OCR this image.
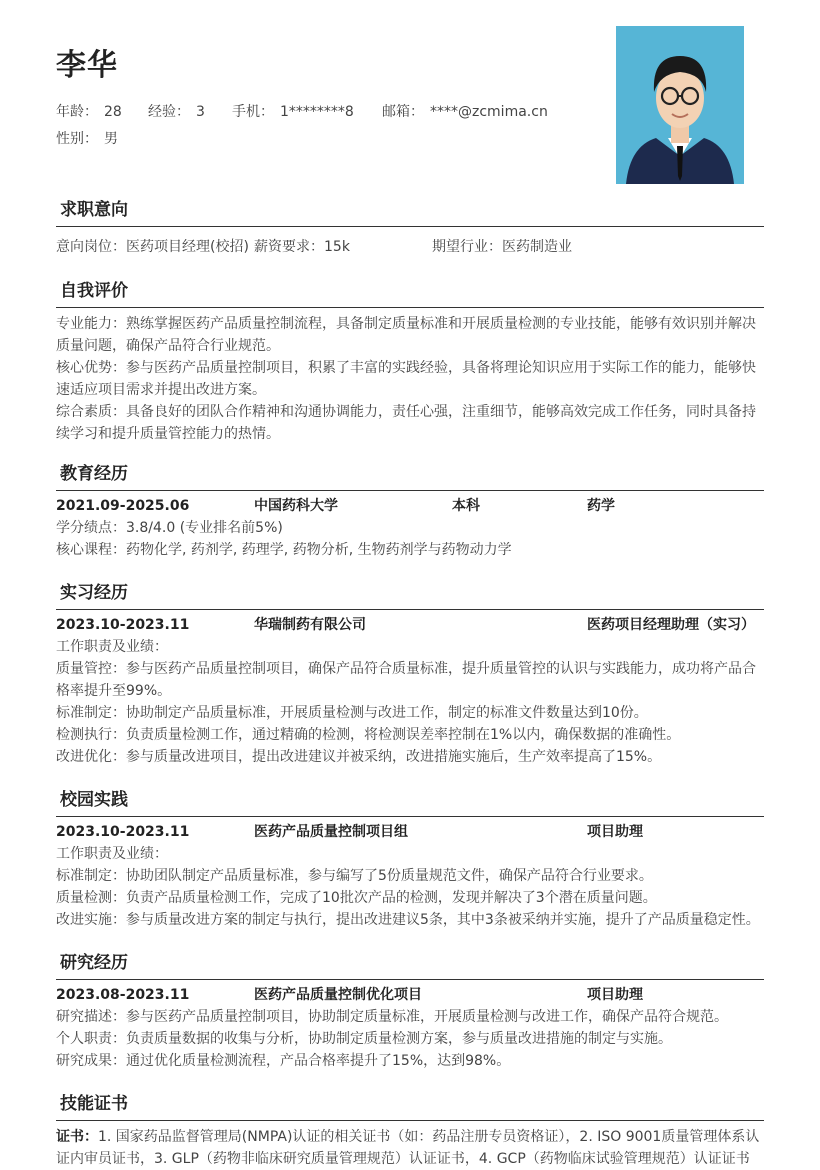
李华
年龄： 28 经验： 3 手机： 1********8 邮箱： ****@zcmima.cn
性别： 男
求职意向
意向岗位：医药项目经理(校招) 薪资要求：15k	期望行业：医药制造业
自我评价

专业能力：熟练掌握医药产品质量控制流程，具备制定质量标准和开展质量检测的专业技能，能够有效识别并解决质量问题，确保产品符合行业规范。

核心优势：参与医药产品质量控制项目，积累了丰富的实践经验，具备将理论知识应用于实际工作的能力，能够快速适应项目需求并提出改进方案。

综合素质：具备良好的团队合作精神和沟通协调能力，责任心强，注重细节，能够高效完成工作任务，同时具备持续学习和提升质量管控能力的热情。

教育经历
2021.09-2025.06	中国药科大学	本科	药学

学分绩点：3.8/4.0 (专业排名前5%)

核心课程：药物化学, 药剂学, 药理学, 药物分析, 生物药剂学与药物动力学

实习经历
2023.10-2023.11	华瑞制药有限公司	医药项目经理助理（实习）

工作职责及业绩：

质量管控：参与医药产品质量控制项目，确保产品符合质量标准，提升质量管控的认识与实践能力，成功将产品合格率提升至99%。

标准制定：协助制定产品质量标准，开展质量检测与改进工作，制定的标准文件数量达到10份。

检测执行：负责质量检测工作，通过精确的检测，将检测误差率控制在1%以内，确保数据的准确性。

改进优化：参与质量改进项目，提出改进建议并被采纳，改进措施实施后，生产效率提高了15%。

校园实践
2023.10-2023.11	医药产品质量控制项目组	项目助理

工作职责及业绩：

标准制定：协助团队制定产品质量标准，参与编写了5份质量规范文件，确保产品符合行业要求。

质量检测：负责产品质量检测工作，完成了10批次产品的检测，发现并解决了3个潜在质量问题。

改进实施：参与质量改进方案的制定与执行，提出改进建议5条，其中3条被采纳并实施，提升了产品质量稳定性。

研究经历
2023.08-2023.11	医药产品质量控制优化项目	项目助理

研究描述：参与医药产品质量控制项目，协助制定质量标准，开展质量检测与改进工作，确保产品符合规范。

个人职责：负责质量数据的收集与分析，协助制定质量检测方案，参与质量改进措施的制定与实施。

研究成果：通过优化质量检测流程，产品合格率提升了15%，达到98%。

技能证书
证书：1. 国家药品监督管理局(NMPA)认证的相关证书（如：药品注册专员资格证），2. ISO 9001质量管理体系认证内审员证书，3. GLP（药物非临床研究质量管理规范）认证证书，4. GCP（药物临床试验管理规范）认证证书
